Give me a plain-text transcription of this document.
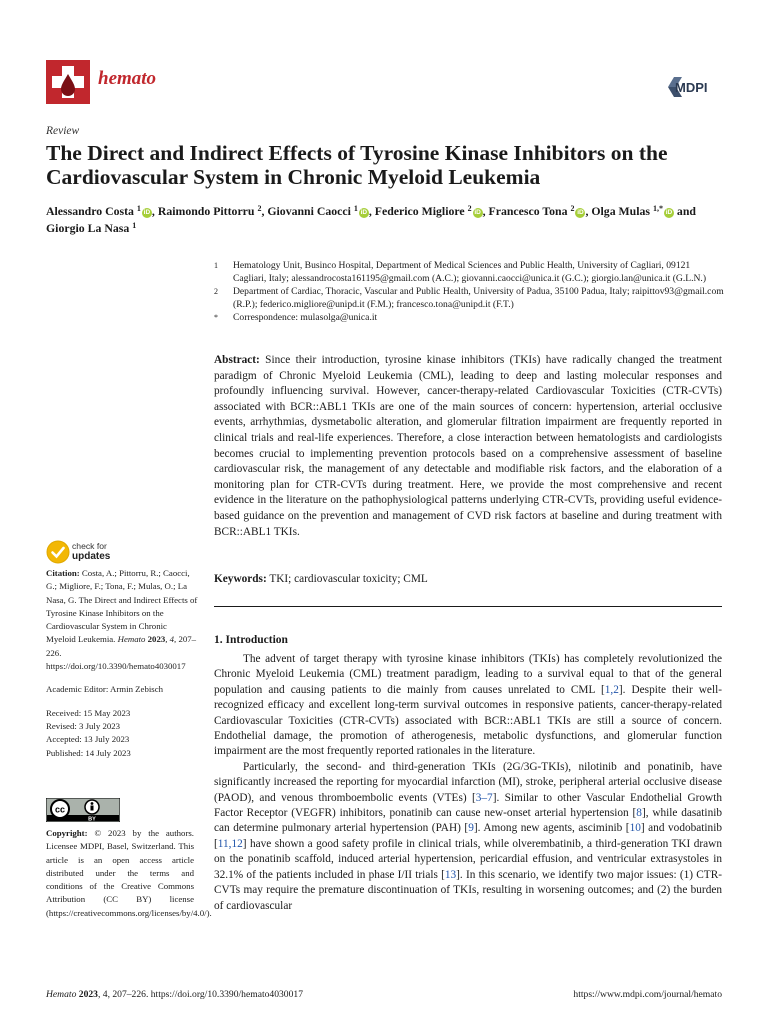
hemato	MDPI
Review
The Direct and Indirect Effects of Tyrosine Kinase Inhibitors on the Cardiovascular System in Chronic Myeloid Leukemia
Alessandro Costa $^1$ iD , Raimondo Pittorru $^2$, Giovanni Caocci $^1$ iD , Federico Migliore $^2$ iD , Francesco Tona $^2$ iD , Olga Mulas $^{1,*}$ iD and Giorgio La Nasa $^1$
1 Hematology Unit, Businco Hospital, Department of Medical Sciences and Public Health, University of Cagliari, 09121 Cagliari, Italy; alessandrocosta161195@gmail.com (A.C.); giovanni.caocci@unica.it (G.C.); giorgio.lan@unica.it (G.L.N.)
2 Department of Cardiac, Thoracic, Vascular and Public Health, University of Padua, 35100 Padua, Italy; raipittov93@gmail.com (R.P.); federico.migliore@unipd.it (F.M.); francesco.tona@unipd.it (F.T.)
* Correspondence: mulasolga@unica.it
Abstract: Since their introduction, tyrosine kinase inhibitors (TKIs) have radically changed the treatment paradigm of Chronic Myeloid Leukemia (CML), leading to deep and lasting molecular responses and profoundly influencing survival. However, cancer-therapy-related Cardiovascular Toxicities (CTR-CVTs) associated with BCR::ABL1 TKIs are one of the main sources of concern: hypertension, arterial occlusive events, arrhythmias, dysmetabolic alteration, and glomerular filtration impairment are frequently reported in clinical trials and real-life experiences. Therefore, a close interaction between hematologists and cardiologists becomes crucial to implementing prevention protocols based on a comprehensive assessment of baseline cardiovascular risk, the management of any detectable and modifiable risk factors, and the elaboration of a monitoring plan for CTR-CVTs during treatment. Here, we provide the most comprehensive and recent evidence in the literature on the pathophysiological patterns underlying CTR-CVTs, providing useful evidence-based guidance on the prevention and management of CVD risk factors at baseline and during treatment with BCR::ABL1 TKIs.
Keywords: TKI; cardiovascular toxicity; CML
1. Introduction

The advent of target therapy with tyrosine kinase inhibitors (TKIs) has completely revolutionized the Chronic Myeloid Leukemia (CML) treatment paradigm, leading to a survival equal to that of the general population and causing patients to die mainly from causes unrelated to CML [1,2]. Despite their well-recognized efficacy and excellent long-term survival outcomes in responsive patients, cancer-therapy-related Cardiovascular Toxicities (CTR-CVTs) associated with BCR::ABL1 TKIs are still a source of concern. Endothelial damage, the promotion of atherogenesis, metabolic dysfunctions, and glomerular function impairment are the most frequently reported rationales in the literature.

Particularly, the second- and third-generation TKIs (2G/3G-TKIs), nilotinib and ponatinib, have significantly increased the reporting for myocardial infarction (MI), stroke, peripheral arterial occlusive disease (PAOD), and venous thromboembolic events (VTEs) [3–7]. Similar to other Vascular Endothelial Growth Factor Receptor (VEGFR) inhibitors, ponatinib can cause new-onset arterial hypertension [8], while dasatinib can determine pulmonary arterial hypertension (PAH) [9]. Among new agents, asciminib [10] and vodobatinib [11,12] have shown a good safety profile in clinical trials, while olverembatinib, a third-generation TKI drawn on the ponatinib scaffold, induced arterial hypertension, pericardial effusion, and ventricular extrasystoles in 32.1% of the patients included in phase I/II trials [13]. In this scenario, we identify two major issues: (1) CTR-CVTs may require the premature discontinuation of TKIs, resulting in worsening outcomes; and (2) the burden of cardiovascular

check for
updates
Citation: Costa, A.; Pittorru, R.; Caocci, G.; Migliore, F.; Tona, F.; Mulas, O.; La Nasa, G. The Direct and Indirect Effects of Tyrosine Kinase Inhibitors on the Cardiovascular System in Chronic Myeloid Leukemia. Hemato 2023, 4, 207–226. https://doi.org/10.3390/hemato4030017
Academic Editor: Armin Zebisch
Received: 15 May 2023
Revised: 3 July 2023
Accepted: 13 July 2023
Published: 14 July 2023
cc
BY
Copyright: © 2023 by the authors. Licensee MDPI, Basel, Switzerland. This article is an open access article distributed under the terms and conditions of the Creative Commons Attribution (CC BY) license (https://creativecommons.org/licenses/by/4.0/).
Hemato 2023, 4, 207–226. https://doi.org/10.3390/hemato4030017	https://www.mdpi.com/journal/hemato
